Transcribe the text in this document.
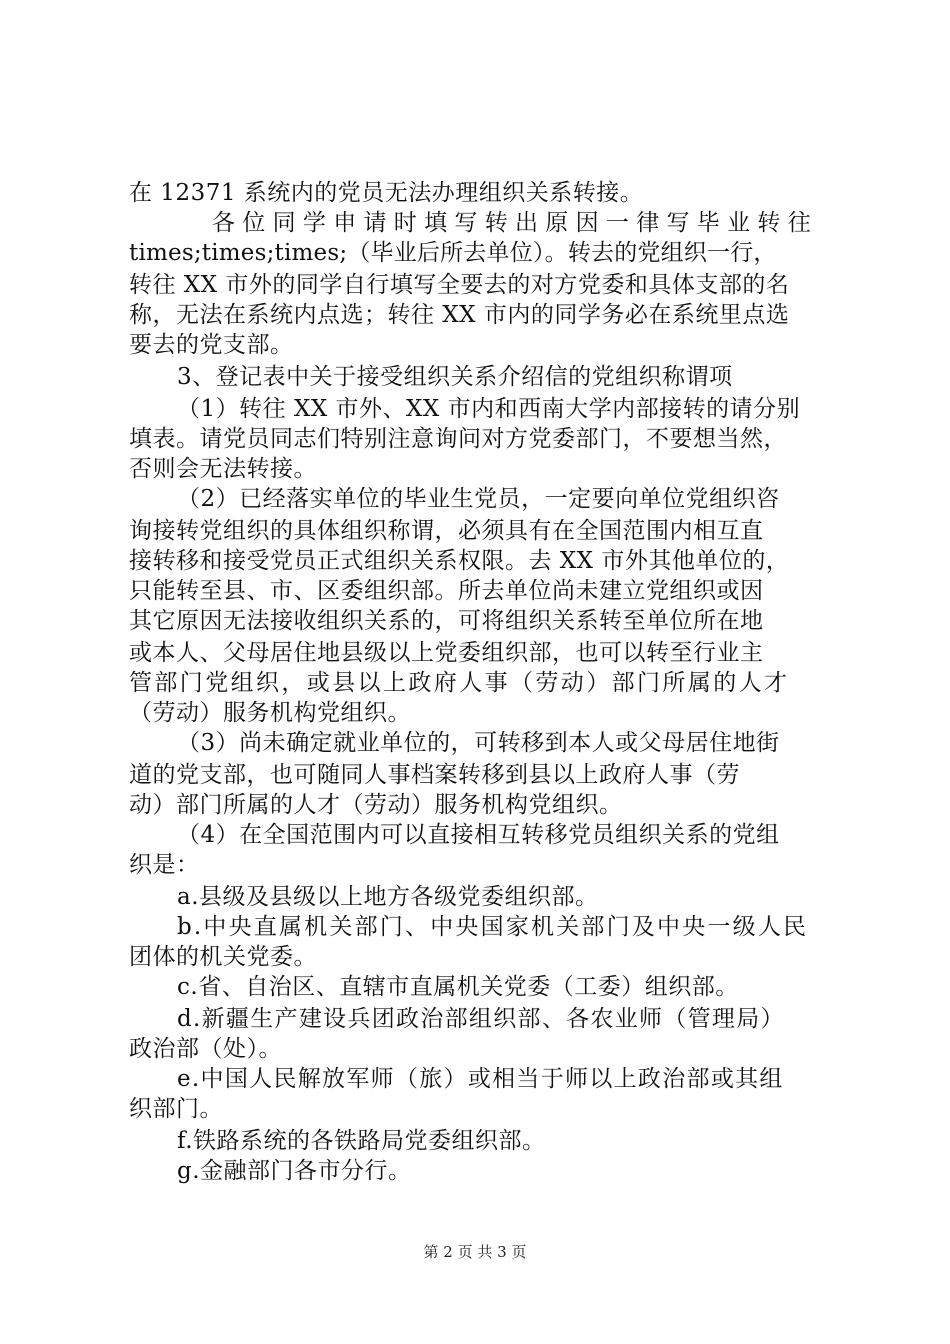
在 12371 系统内的党员无法办理组织关系转接。
各位同学申请时填写转出原因一律写毕业转往
times;times;times;（毕业后所去单位）。转去的党组织一行，
转往 XX 市外的同学自行填写全要去的对方党委和具体支部的名
称，无法在系统内点选；转往 XX 市内的同学务必在系统里点选
要去的党支部。
3、登记表中关于接受组织关系介绍信的党组织称谓项
（1）转往 XX 市外、XX 市内和西南大学内部接转的请分别
填表。请党员同志们特别注意询问对方党委部门，不要想当然，
否则会无法转接。
（2）已经落实单位的毕业生党员，一定要向单位党组织咨
询接转党组织的具体组织称谓，必须具有在全国范围内相互直
接转移和接受党员正式组织关系权限。去 XX 市外其他单位的，
只能转至县、市、区委组织部。所去单位尚未建立党组织或因
其它原因无法接收组织关系的，可将组织关系转至单位所在地
或本人、父母居住地县级以上党委组织部，也可以转至行业主
管部门党组织，或县以上政府人事（劳动）部门所属的人才
（劳动）服务机构党组织。
（3）尚未确定就业单位的，可转移到本人或父母居住地街
道的党支部，也可随同人事档案转移到县以上政府人事（劳
动）部门所属的人才（劳动）服务机构党组织。
（4）在全国范围内可以直接相互转移党员组织关系的党组
织是：
a.县级及县级以上地方各级党委组织部。
b.中央直属机关部门、中央国家机关部门及中央一级人民
团体的机关党委。
c.省、自治区、直辖市直属机关党委（工委）组织部。
d.新疆生产建设兵团政治部组织部、各农业师（管理局）
政治部（处）。
e.中国人民解放军师（旅）或相当于师以上政治部或其组
织部门。
f.铁路系统的各铁路局党委组织部。
g.金融部门各市分行。
第 2 页 共 3 页
